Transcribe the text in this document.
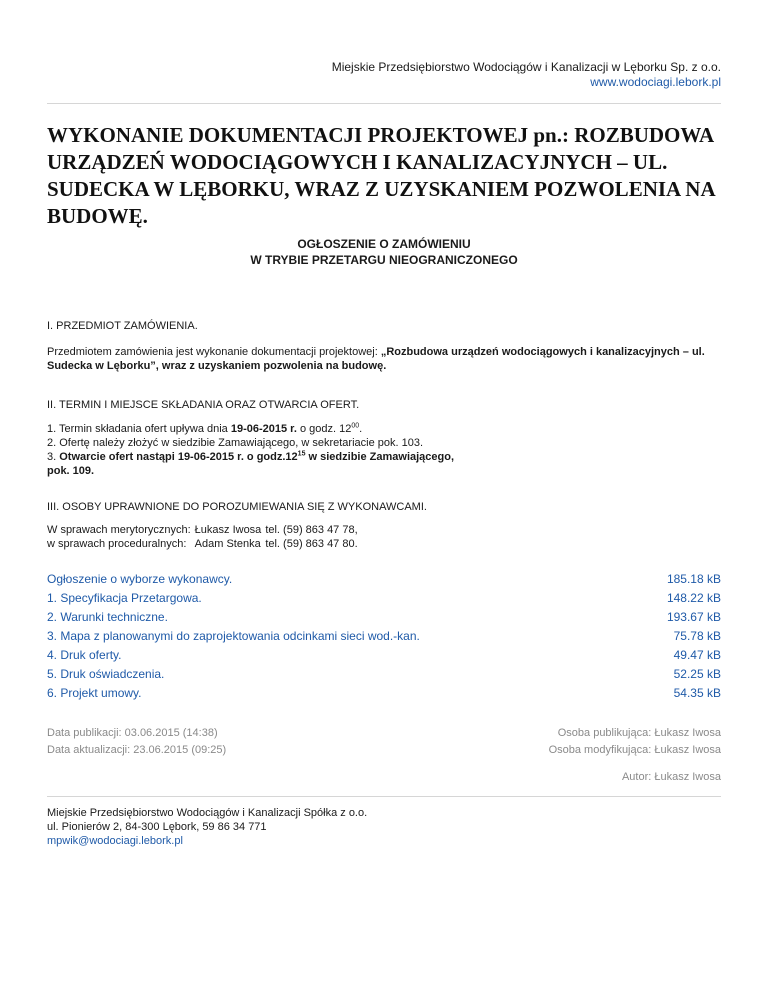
Miejskie Przedsiębiorstwo Wodociągów i Kanalizacji w Lęborku Sp. z o.o.
www.wodociagi.lebork.pl
WYKONANIE DOKUMENTACJI PROJEKTOWEJ pn.: ROZBUDOWA URZĄDZEŃ WODOCIĄGOWYCH I KANALIZACYJNYCH – UL. SUDECKA W LĘBORKU, WRAZ Z UZYSKANIEM POZWOLENIA NA BUDOWĘ.
OGŁOSZENIE O ZAMÓWIENIU
W TRYBIE PRZETARGU NIEOGRANICZONEGO

I. PRZEDMIOT ZAMÓWIENIA.

Przedmiotem zamówienia jest wykonanie dokumentacji projektowej: „Rozbudowa urządzeń wodociągowych i kanalizacyjnych – ul. Sudecka w Lęborku”, wraz z uzyskaniem pozwolenia na budowę.

II. TERMIN I MIEJSCE SKŁADANIA ORAZ OTWARCIA OFERT.

1. Termin składania ofert upływa dnia 19-06-2015 r. o godz. $12^{00}$.
2. Ofertę należy złożyć w siedzibie Zamawiającego, w sekretariacie pok. 103.
3. Otwarcie ofert nastąpi 19-06-2015 r. o $godz.12^{15}$ w siedzibie Zamawiającego, pok. 109.

III. OSOBY UPRAWNIONE DO POROZUMIEWANIA SIĘ Z WYKONAWCAMI.

W sprawach merytorycznych:	Łukasz Iwosa	tel. (59) 863 47 78,
w sprawach proceduralnych:	Adam Stenka	tel. (59) 863 47 80.
Ogłoszenie o wyborze wykonawcy.	185.18 kB
1. Specyfikacja Przetargowa.	148.22 kB
2. Warunki techniczne.	193.67 kB
3. Mapa z planowanymi do zaprojektowania odcinkami sieci wod.-kan.	75.78 kB
4. Druk oferty.	49.47 kB
5. Druk oświadczenia.	52.25 kB
6. Projekt umowy.	54.35 kB
Data publikacji: 03.06.2015 (14:38)	Osoba publikująca: Łukasz Iwosa
Data aktualizacji: 23.06.2015 (09:25)	Osoba modyfikująca: Łukasz Iwosa
Autor: Łukasz Iwosa
Miejskie Przedsiębiorstwo Wodociągów i Kanalizacji Spółka z o.o.
ul. Pionierów 2, 84-300 Lębork, 59 86 34 771
mpwik@wodociagi.lebork.pl
